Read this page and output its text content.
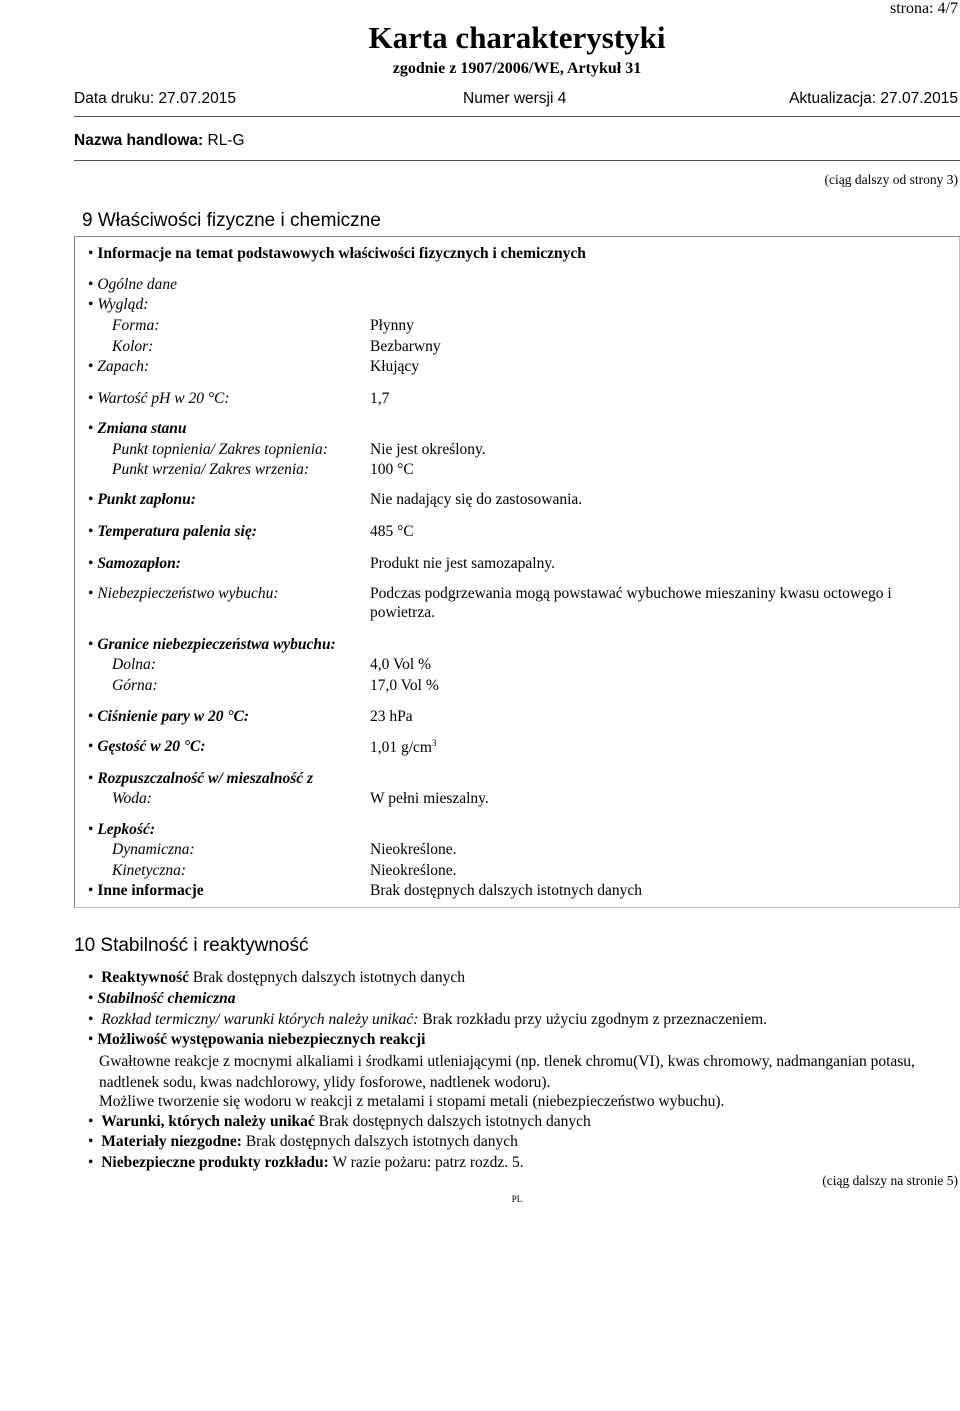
strona: 4/7
Karta charakterystyki
zgodnie z 1907/2006/WE, Artykuł 31
Data druku: 27.07.2015	Numer wersji 4	Aktualizacja: 27.07.2015
Nazwa handlowa: RL-G
(ciąg dalszy od strony 3)
9 Właściwości fizyczne i chemiczne
• Informacje na temat podstawowych właściwości fizycznych i chemicznych
• Ogólne dane
• Wygląd:
Forma:	Płynny
Kolor:	Bezbarwny
• Zapach:	Kłujący
• Wartość pH w 20 °C:	1,7
• Zmiana stanu
Punkt topnienia/ Zakres topnienia:	Nie jest określony.
Punkt wrzenia/ Zakres wrzenia:	100 °C
• Punkt zapłonu:	Nie nadający się do zastosowania.
• Temperatura palenia się:	485 °C
• Samozapłon:	Produkt nie jest samozapalny.
• Niebezpieczeństwo wybuchu:	Podczas podgrzewania mogą powstawać wybuchowe mieszaniny kwasu octowego i powietrza.
• Granice niebezpieczeństwa wybuchu:
Dolna:	4,0 Vol %
Górna:	17,0 Vol %
• Ciśnienie pary w 20 °C:	23 hPa
• Gęstość w 20 °C:	1,01 $g/cm^3$
• Rozpuszczalność w/ mieszalność z
Woda:	W pełni mieszalny.
• Lepkość:
Dynamiczna:	Nieokreślone.
Kinetyczna:	Nieokreślone.
• Inne informacje	Brak dostępnych dalszych istotnych danych
10 Stabilność i reaktywność
• Reaktywność Brak dostępnych dalszych istotnych danych
• Stabilność chemiczna
• Rozkład termiczny/ warunki których należy unikać: Brak rozkładu przy użyciu zgodnym z przeznaczeniem.
• Możliwość występowania niebezpiecznych reakcji
Gwałtowne reakcje z mocnymi alkaliami i środkami utleniającymi (np. tlenek chromu(VI), kwas chromowy, nadmanganian potasu, nadtlenek sodu, kwas nadchlorowy, ylidy fosforowe, nadtlenek wodoru).
Możliwe tworzenie się wodoru w reakcji z metalami i stopami metali (niebezpieczeństwo wybuchu).
• Warunki, których należy unikać Brak dostępnych dalszych istotnych danych
• Materiały niezgodne: Brak dostępnych dalszych istotnych danych
• Niebezpieczne produkty rozkładu: W razie pożaru: patrz rozdz. 5.
(ciąg dalszy na stronie 5)
PL
